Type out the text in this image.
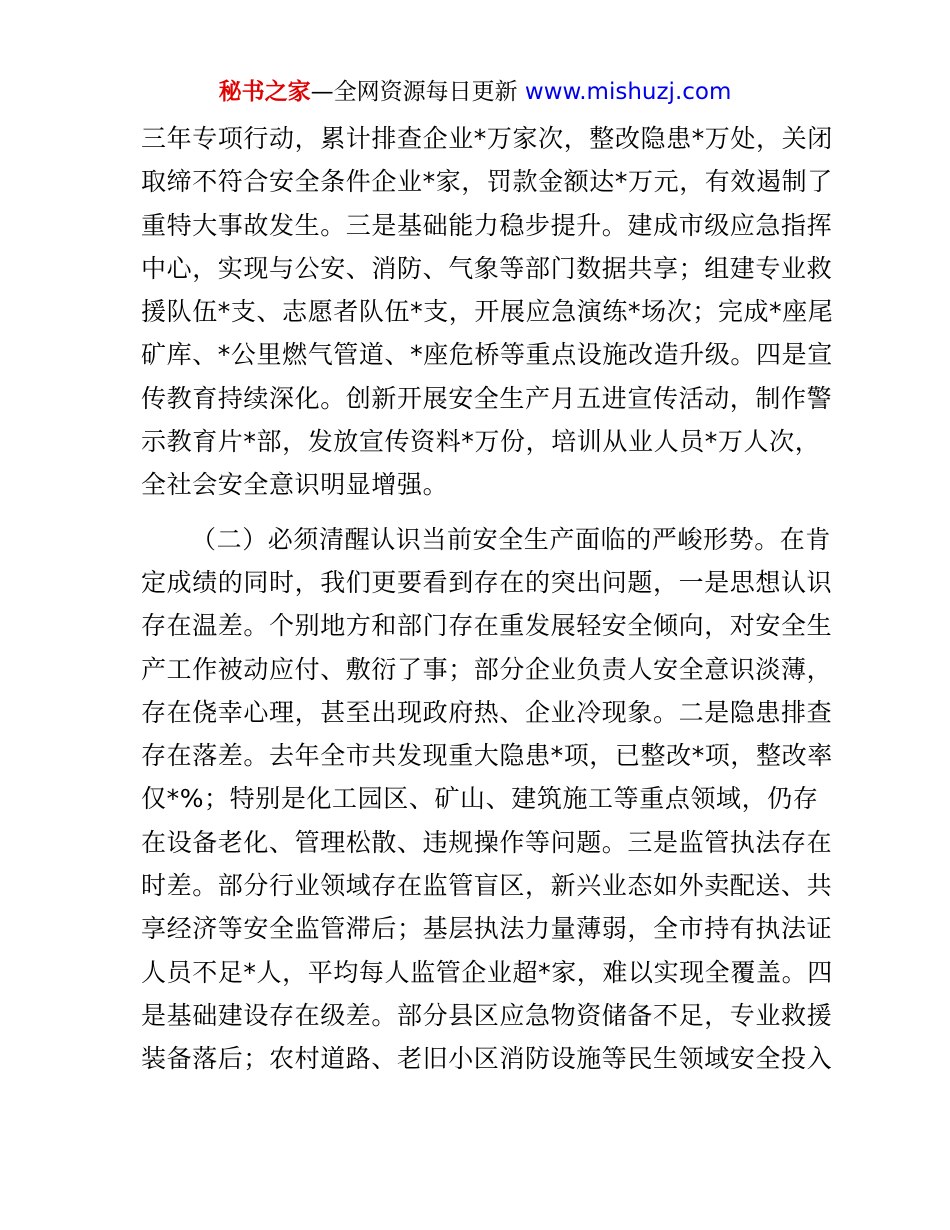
秘书之家—全网资源每日更新 www.mishuzj.com
三年专项行动，累计排查企业*万家次，整改隐患*万处，关闭
取缔不符合安全条件企业*家，罚款金额达*万元，有效遏制了
重特大事故发生。三是基础能力稳步提升。建成市级应急指挥
中心，实现与公安、消防、气象等部门数据共享；组建专业救
援队伍*支、志愿者队伍*支，开展应急演练*场次；完成*座尾
矿库、*公里燃气管道、*座危桥等重点设施改造升级。四是宣
传教育持续深化。创新开展安全生产月五进宣传活动，制作警
示教育片*部，发放宣传资料*万份，培训从业人员*万人次，
全社会安全意识明显增强。
（二）必须清醒认识当前安全生产面临的严峻形势。在肯
定成绩的同时，我们更要看到存在的突出问题，一是思想认识
存在温差。个别地方和部门存在重发展轻安全倾向，对安全生
产工作被动应付、敷衍了事；部分企业负责人安全意识淡薄，
存在侥幸心理，甚至出现政府热、企业冷现象。二是隐患排查
存在落差。去年全市共发现重大隐患*项，已整改*项，整改率
仅*%；特别是化工园区、矿山、建筑施工等重点领域，仍存
在设备老化、管理松散、违规操作等问题。三是监管执法存在
时差。部分行业领域存在监管盲区，新兴业态如外卖配送、共
享经济等安全监管滞后；基层执法力量薄弱，全市持有执法证
人员不足*人，平均每人监管企业超*家，难以实现全覆盖。四
是基础建设存在级差。部分县区应急物资储备不足，专业救援
装备落后；农村道路、老旧小区消防设施等民生领域安全投入
